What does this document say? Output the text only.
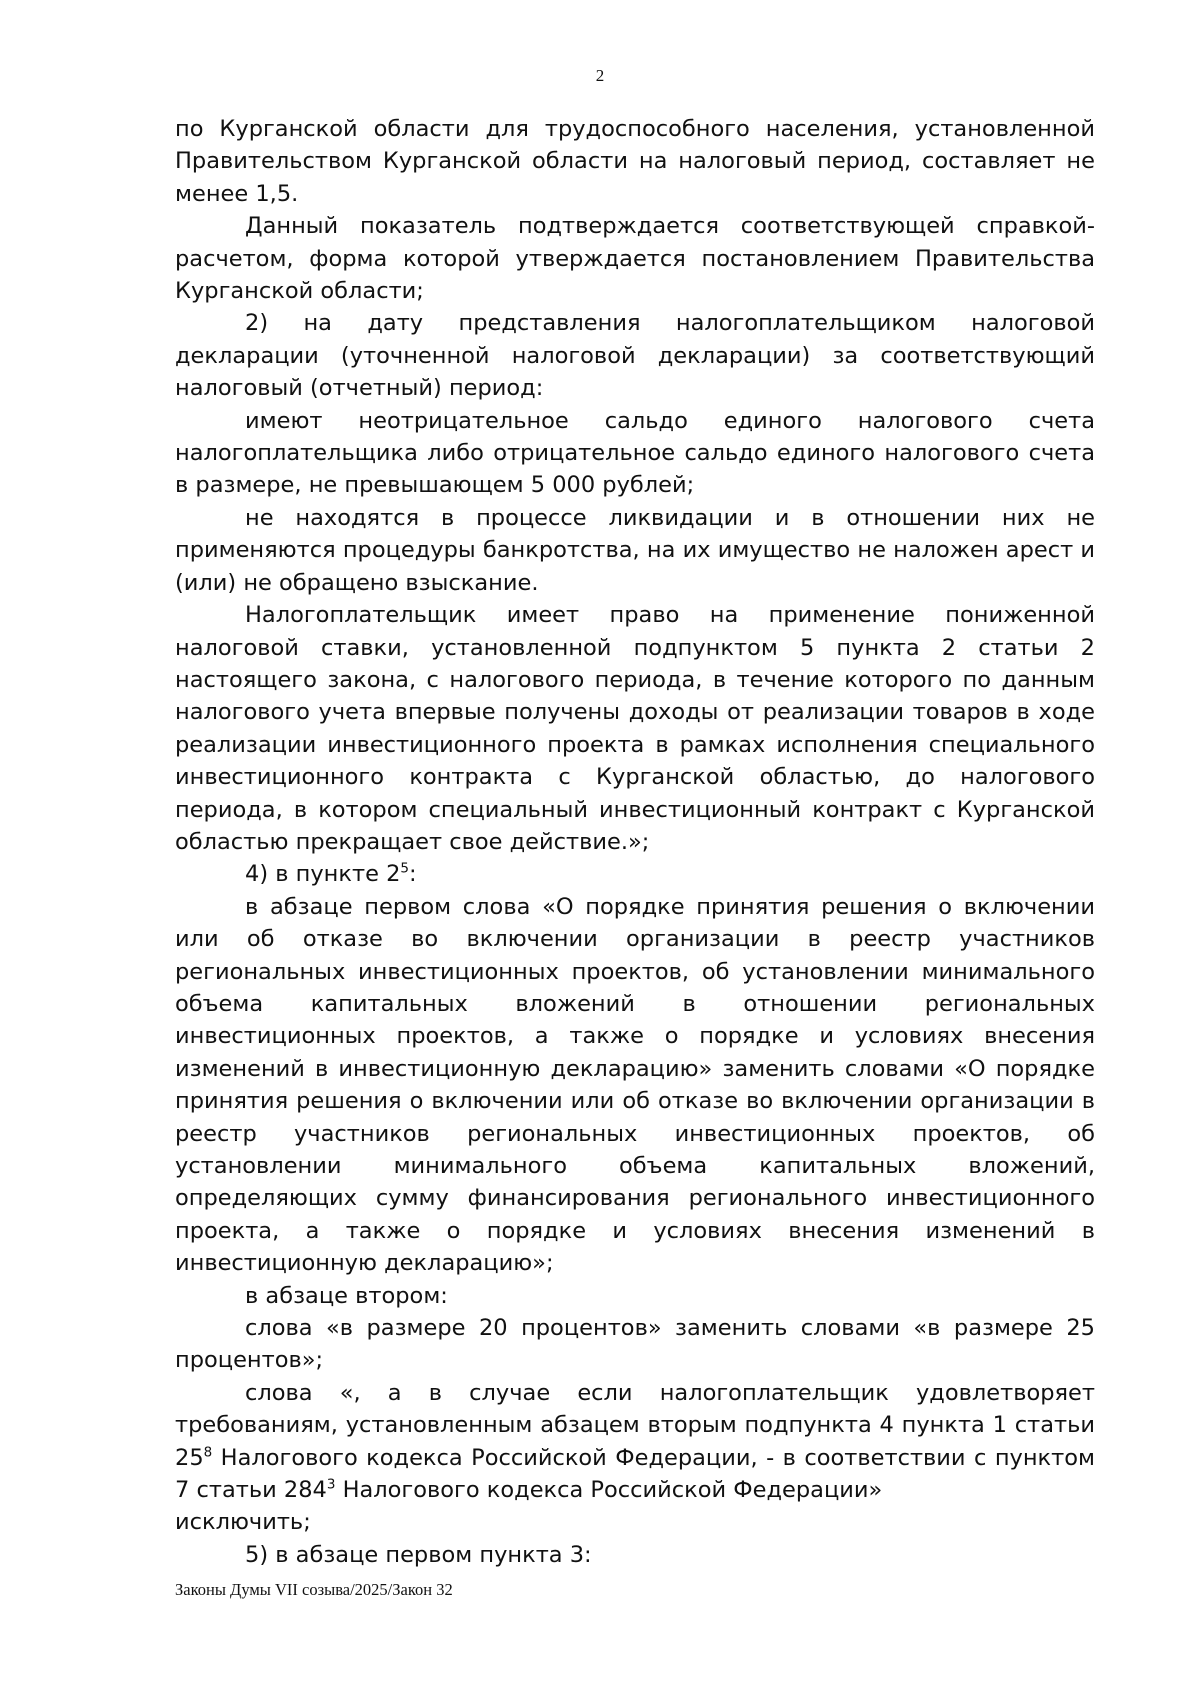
2

по Курганской области для трудоспособного населения, установленной Правительством Курганской области на налоговый период, составляет не менее 1,5.

Данный показатель подтверждается соответствующей справкой-расчетом, форма которой утверждается постановлением Правительства Курганской области;

2) на дату представления налогоплательщиком налоговой декларации (уточненной налоговой декларации) за соответствующий налоговый (отчетный) период:

имеют неотрицательное сальдо единого налогового счета налогоплательщика либо отрицательное сальдо единого налогового счета в размере, не превышающем 5 000 рублей;

не находятся в процессе ликвидации и в отношении них не применяются процедуры банкротства, на их имущество не наложен арест и (или) не обращено взыскание.

Налогоплательщик имеет право на применение пониженной налоговой ставки, установленной подпунктом 5 пункта 2 статьи 2 настоящего закона, с налогового периода, в течение которого по данным налогового учета впервые получены доходы от реализации товаров в ходе реализации инвестиционного проекта в рамках исполнения специального инвестиционного контракта с Курганской областью, до налогового периода, в котором специальный инвестиционный контракт с Курганской областью прекращает свое действие.»;

4) в пункте $2^5$:

в абзаце первом слова «О порядке принятия решения о включении или об отказе во включении организации в реестр участников региональных инвестиционных проектов, об установлении минимального объема капитальных вложений в отношении региональных инвестиционных проектов, а также о порядке и условиях внесения изменений в инвестиционную декларацию» заменить словами «О порядке принятия решения о включении или об отказе во включении организации в реестр участников региональных инвестиционных проектов, об установлении минимального объема капитальных вложений, определяющих сумму финансирования регионального инвестиционного проекта, а также о порядке и условиях внесения изменений в инвестиционную декларацию»;

в абзаце втором:

слова «в размере 20 процентов» заменить словами «в размере 25 процентов»;

слова «, а в случае если налогоплательщик удовлетворяет требованиям, установленным абзацем вторым подпункта 4 пункта 1 статьи $25^8$ Налогового кодекса Российской Федерации, - в соответствии с пунктом 7 статьи $284^3$ Налогового кодекса Российской Федерации»

исключить;

5) в абзаце первом пункта 3:

Законы Думы VII созыва/2025/Закон 32
